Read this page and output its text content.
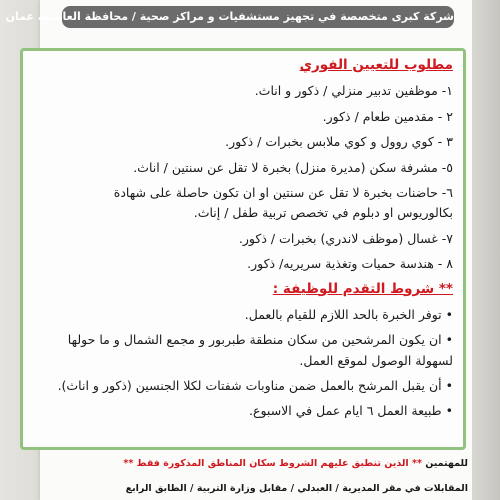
شركة كبرى متخصصة في تجهيز مستشفيات و مراكز صحية / محافظة العاصمة عمان
مطلوب للتعيين الفوري
١- موظفين تدبير منزلي / ذكور و اناث.
٢ - مقدمين طعام / ذكور.
٣ - كوي روول و كوي ملابس بخبرات / ذكور.
٥- مشرفة سكن (مديرة منزل) بخبرة لا تقل عن سنتين / اناث.
٦- حاضنات بخبرة لا تقل عن سنتين او ان تكون حاصلة على شهادة
بكالوريوس او دبلوم في تخصص تربية طفل / إناث.
٧- غسال (موظف لاندري) بخبرات / ذكور.
٨ - هندسة حميات وتغذية سريريه/ ذكور.
** شروط التقدم للوظيفة :
• توفر الخبرة بالحد اللازم للقيام بالعمل.
• ان يكون المرشحين من سكان منطقة طبربور و مجمع الشمال و ما حولها
لسهولة الوصول لموقع العمل.
• أن يقبل المرشح بالعمل ضمن مناوبات شفتات لكلا الجنسين (ذكور و اناث).
• طبيعة العمل ٦ ايام عمل في الاسبوع.
للمهتمين ** الذين تنطبق عليهم الشروط سكان المناطق المذكورة فقط **
المقابلات في مقر المديرية / العبدلي / مقابل وزارة التربية / الطابق الرابع
